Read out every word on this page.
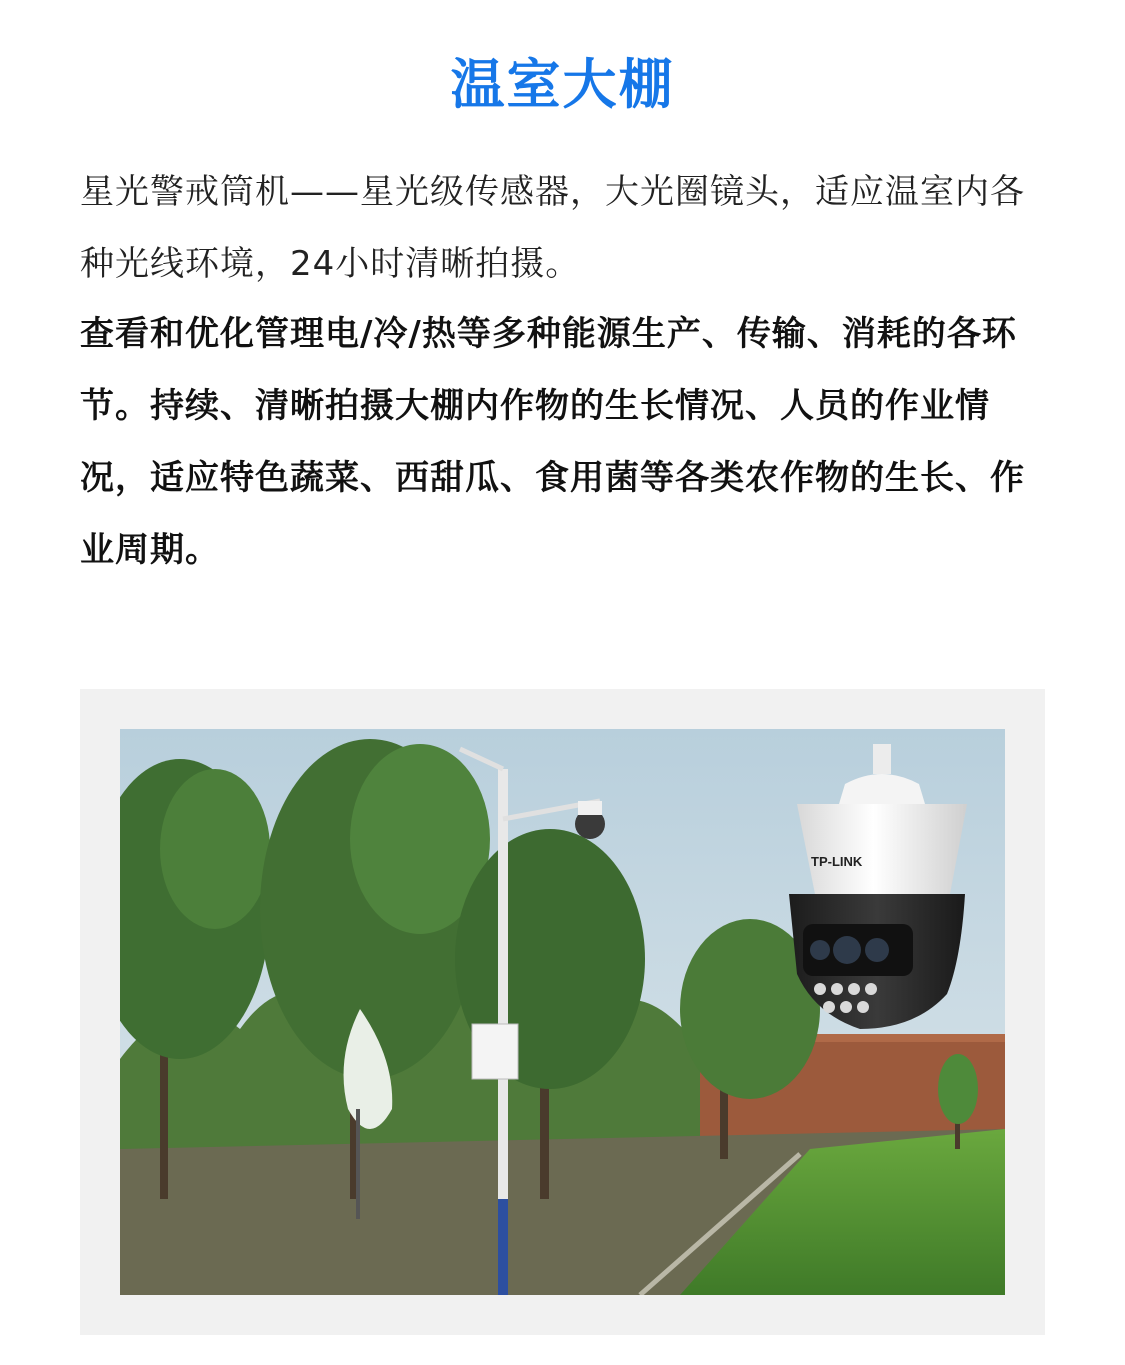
温室大棚

星光警戒筒机——星光级传感器，大光圈镜头，适应温室内各种光线环境，24小时清晰拍摄。

查看和优化管理电/冷/热等多种能源生产、传输、消耗的各环节。持续、清晰拍摄大棚内作物的生长情况、人员的作业情况，适应特色蔬菜、西甜瓜、食用菌等各类农作物的生长、作业周期。

TP-LINK
